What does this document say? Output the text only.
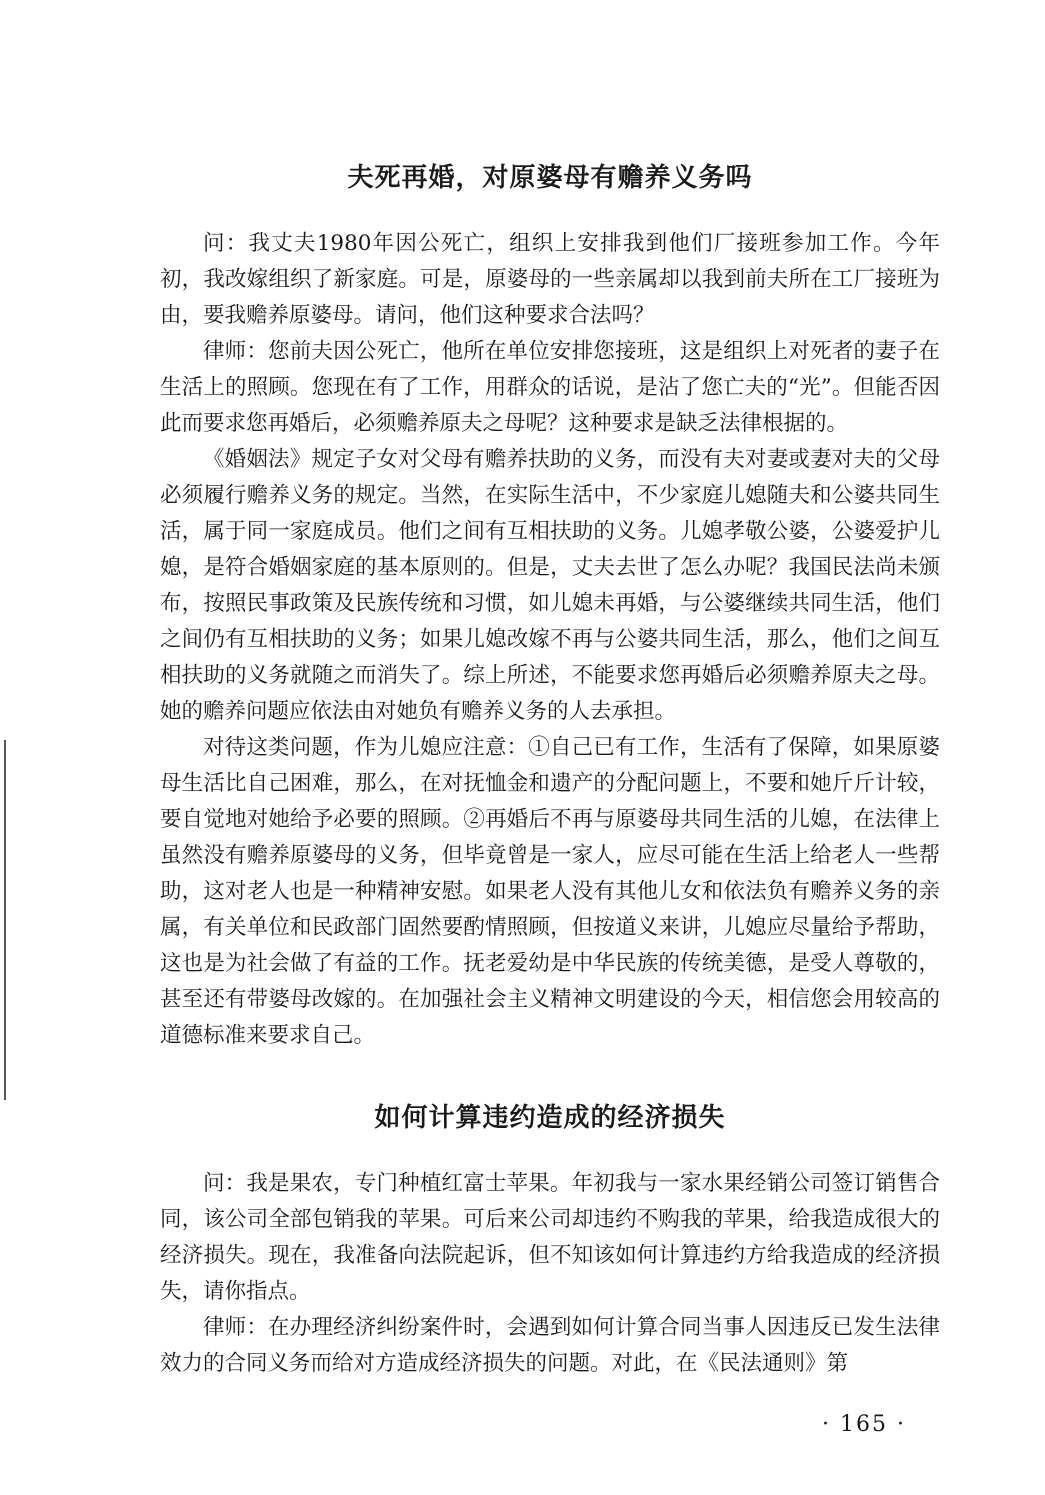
夫死再婚，对原婆母有赡养义务吗

问：我丈夫1980年因公死亡，组织上安排我到他们厂接班参加工作。今年初，我改嫁组织了新家庭。可是，原婆母的一些亲属却以我到前夫所在工厂接班为由，要我赡养原婆母。请问，他们这种要求合法吗？

律师：您前夫因公死亡，他所在单位安排您接班，这是组织上对死者的妻子在生活上的照顾。您现在有了工作，用群众的话说，是沾了您亡夫的“光”。但能否因此而要求您再婚后，必须赡养原夫之母呢？这种要求是缺乏法律根据的。

《婚姻法》规定子女对父母有赡养扶助的义务，而没有夫对妻或妻对夫的父母必须履行赡养义务的规定。当然，在实际生活中，不少家庭儿媳随夫和公婆共同生活，属于同一家庭成员。他们之间有互相扶助的义务。儿媳孝敬公婆，公婆爱护儿媳，是符合婚姻家庭的基本原则的。但是，丈夫去世了怎么办呢？我国民法尚未颁布，按照民事政策及民族传统和习惯，如儿媳未再婚，与公婆继续共同生活，他们之间仍有互相扶助的义务；如果儿媳改嫁不再与公婆共同生活，那么，他们之间互相扶助的义务就随之而消失了。综上所述，不能要求您再婚后必须赡养原夫之母。她的赡养问题应依法由对她负有赡养义务的人去承担。

对待这类问题，作为儿媳应注意：①自己已有工作，生活有了保障，如果原婆母生活比自己困难，那么，在对抚恤金和遗产的分配问题上，不要和她斤斤计较，要自觉地对她给予必要的照顾。②再婚后不再与原婆母共同生活的儿媳，在法律上虽然没有赡养原婆母的义务，但毕竟曾是一家人，应尽可能在生活上给老人一些帮助，这对老人也是一种精神安慰。如果老人没有其他儿女和依法负有赡养义务的亲属，有关单位和民政部门固然要酌情照顾，但按道义来讲，儿媳应尽量给予帮助，这也是为社会做了有益的工作。抚老爱幼是中华民族的传统美德，是受人尊敬的，甚至还有带婆母改嫁的。在加强社会主义精神文明建设的今天，相信您会用较高的道德标准来要求自己。

如何计算违约造成的经济损失

问：我是果农，专门种植红富士苹果。年初我与一家水果经销公司签订销售合同，该公司全部包销我的苹果。可后来公司却违约不购我的苹果，给我造成很大的经济损失。现在，我准备向法院起诉，但不知该如何计算违约方给我造成的经济损失，请你指点。

律师：在办理经济纠纷案件时，会遇到如何计算合同当事人因违反已发生法律效力的合同义务而给对方造成经济损失的问题。对此，在《民法通则》第

· 165 ·
